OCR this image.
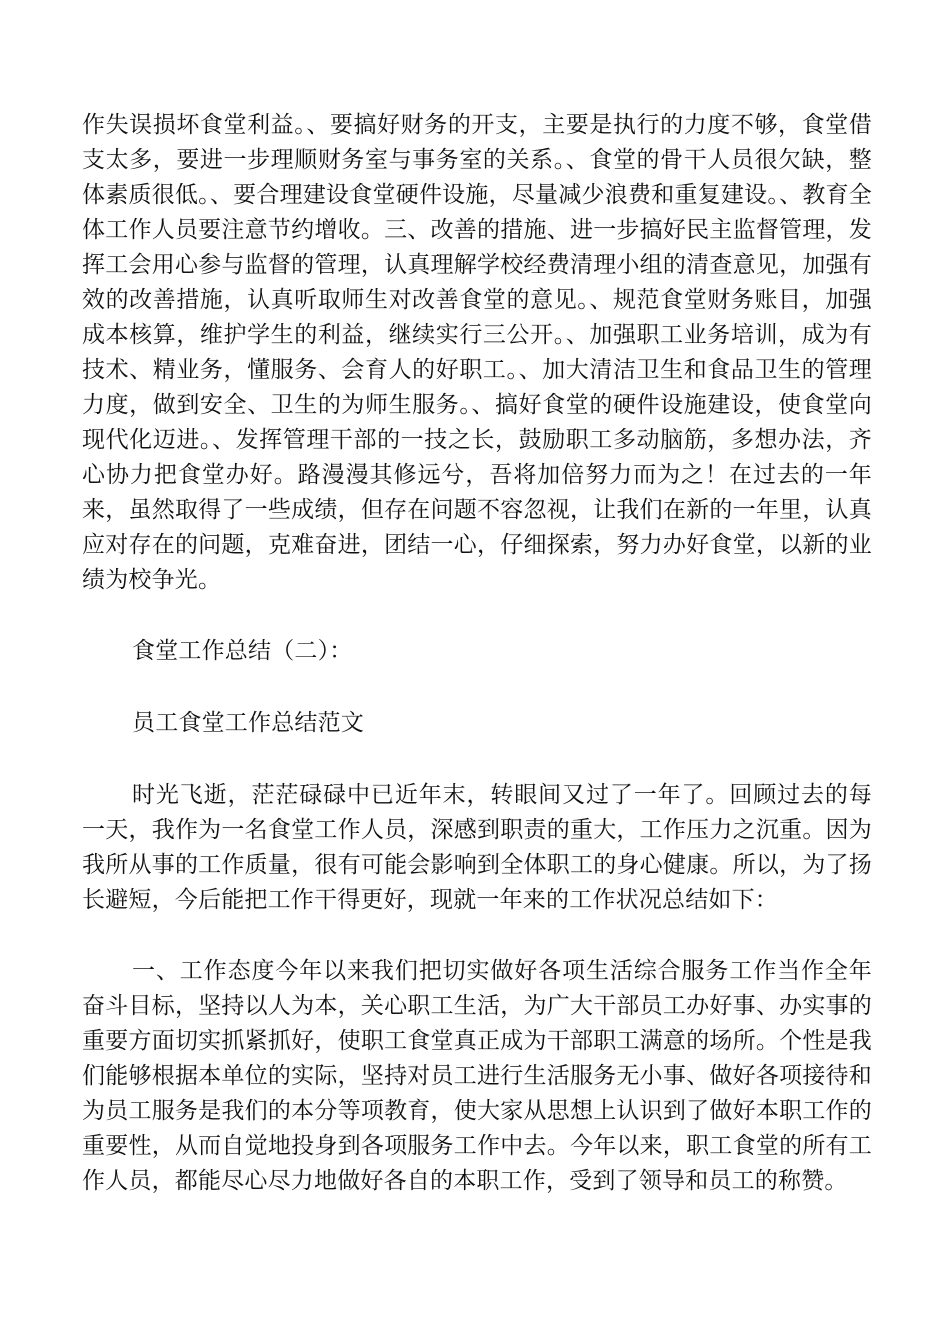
作失误损坏食堂利益。、要搞好财务的开支，主要是执行的力度不够，食堂借支太多，要进一步理顺财务室与事务室的关系。、食堂的骨干人员很欠缺，整体素质很低。、要合理建设食堂硬件设施，尽量减少浪费和重复建设。、教育全体工作人员要注意节约增收。三、改善的措施、进一步搞好民主监督管理，发挥工会用心参与监督的管理，认真理解学校经费清理小组的清查意见，加强有效的改善措施，认真听取师生对改善食堂的意见。、规范食堂财务账目，加强成本核算，维护学生的利益，继续实行三公开。、加强职工业务培训，成为有技术、精业务，懂服务、会育人的好职工。、加大清洁卫生和食品卫生的管理力度，做到安全、卫生的为师生服务。、搞好食堂的硬件设施建设，使食堂向现代化迈进。、发挥管理干部的一技之长，鼓励职工多动脑筋，多想办法，齐心协力把食堂办好。路漫漫其修远兮，吾将加倍努力而为之！在过去的一年来，虽然取得了一些成绩，但存在问题不容忽视，让我们在新的一年里，认真应对存在的问题，克难奋进，团结一心，仔细探索，努力办好食堂，以新的业绩为校争光。

食堂工作总结（二）：

员工食堂工作总结范文

时光飞逝，茫茫碌碌中已近年末，转眼间又过了一年了。回顾过去的每一天，我作为一名食堂工作人员，深感到职责的重大，工作压力之沉重。因为我所从事的工作质量，很有可能会影响到全体职工的身心健康。所以，为了扬长避短，今后能把工作干得更好，现就一年来的工作状况总结如下：

一、工作态度今年以来我们把切实做好各项生活综合服务工作当作全年奋斗目标，坚持以人为本，关心职工生活，为广大干部员工办好事、办实事的重要方面切实抓紧抓好，使职工食堂真正成为干部职工满意的场所。个性是我们能够根据本单位的实际，坚持对员工进行生活服务无小事、做好各项接待和为员工服务是我们的本分等项教育，使大家从思想上认识到了做好本职工作的重要性，从而自觉地投身到各项服务工作中去。今年以来，职工食堂的所有工作人员，都能尽心尽力地做好各自的本职工作，受到了领导和员工的称赞。
